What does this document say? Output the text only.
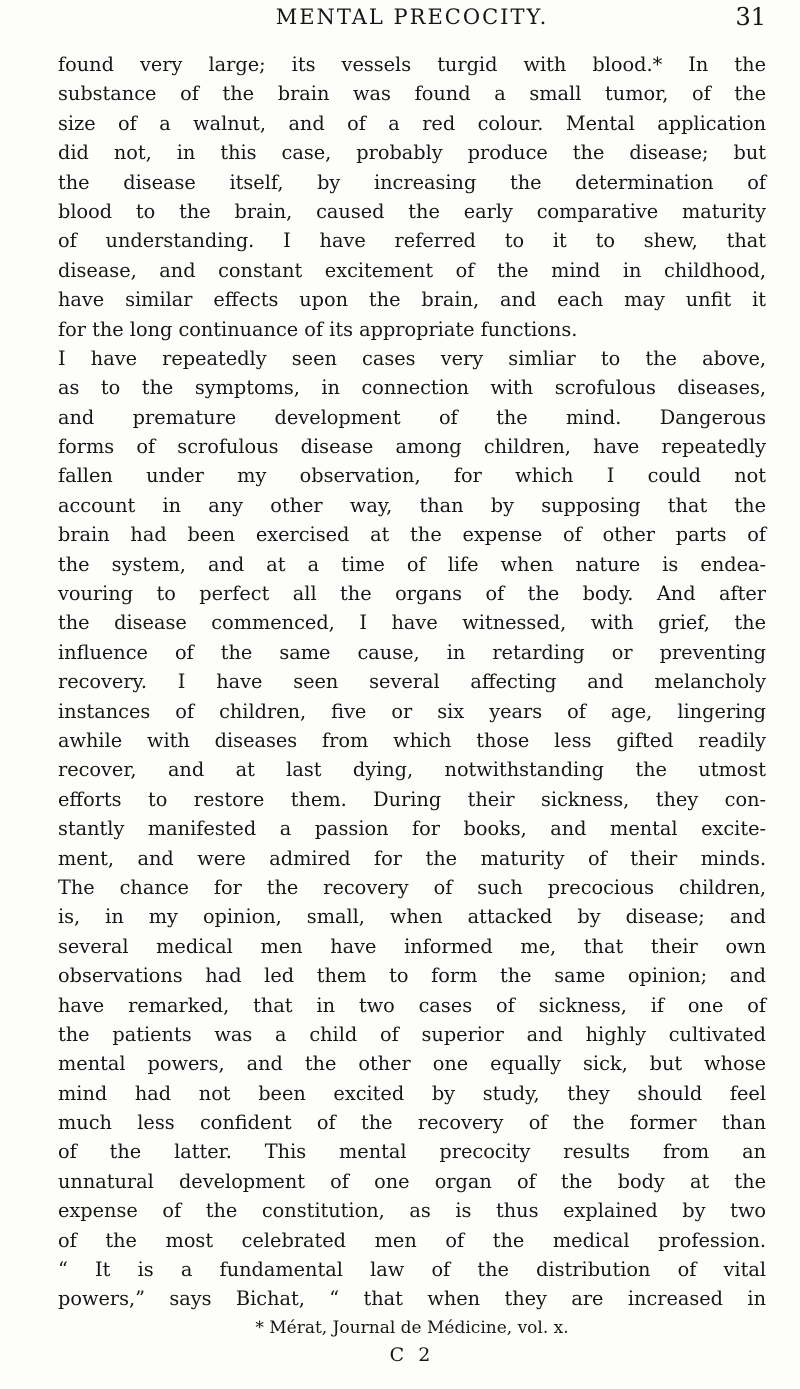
MENTAL PRECOCITY.	31
found very large; its vessels turgid with blood.* In the
substance of the brain was found a small tumor, of the
size of a walnut, and of a red colour. Mental application
did not, in this case, probably produce the disease; but
the disease itself, by increasing the determination of
blood to the brain, caused the early comparative maturity
of understanding. I have referred to it to shew, that
disease, and constant excitement of the mind in childhood,
have similar effects upon the brain, and each may unfit it
for the long continuance of its appropriate functions.
I have repeatedly seen cases very simliar to the above,
as to the symptoms, in connection with scrofulous diseases,
and premature development of the mind. Dangerous
forms of scrofulous disease among children, have repeatedly
fallen under my observation, for which I could not
account in any other way, than by supposing that the
brain had been exercised at the expense of other parts of
the system, and at a time of life when nature is endea-
vouring to perfect all the organs of the body. And after
the disease commenced, I have witnessed, with grief, the
influence of the same cause, in retarding or preventing
recovery. I have seen several affecting and melancholy
instances of children, five or six years of age, lingering
awhile with diseases from which those less gifted readily
recover, and at last dying, notwithstanding the utmost
efforts to restore them. During their sickness, they con-
stantly manifested a passion for books, and mental excite-
ment, and were admired for the maturity of their minds.
The chance for the recovery of such precocious children,
is, in my opinion, small, when attacked by disease; and
several medical men have informed me, that their own
observations had led them to form the same opinion; and
have remarked, that in two cases of sickness, if one of
the patients was a child of superior and highly cultivated
mental powers, and the other one equally sick, but whose
mind had not been excited by study, they should feel
much less confident of the recovery of the former than
of the latter. This mental precocity results from an
unnatural development of one organ of the body at the
expense of the constitution, as is thus explained by two
of the most celebrated men of the medical profession.
“ It is a fundamental law of the distribution of vital
powers,” says Bichat, “ that when they are increased in
* Mérat, Journal de Médicine, vol. x.
C 2
